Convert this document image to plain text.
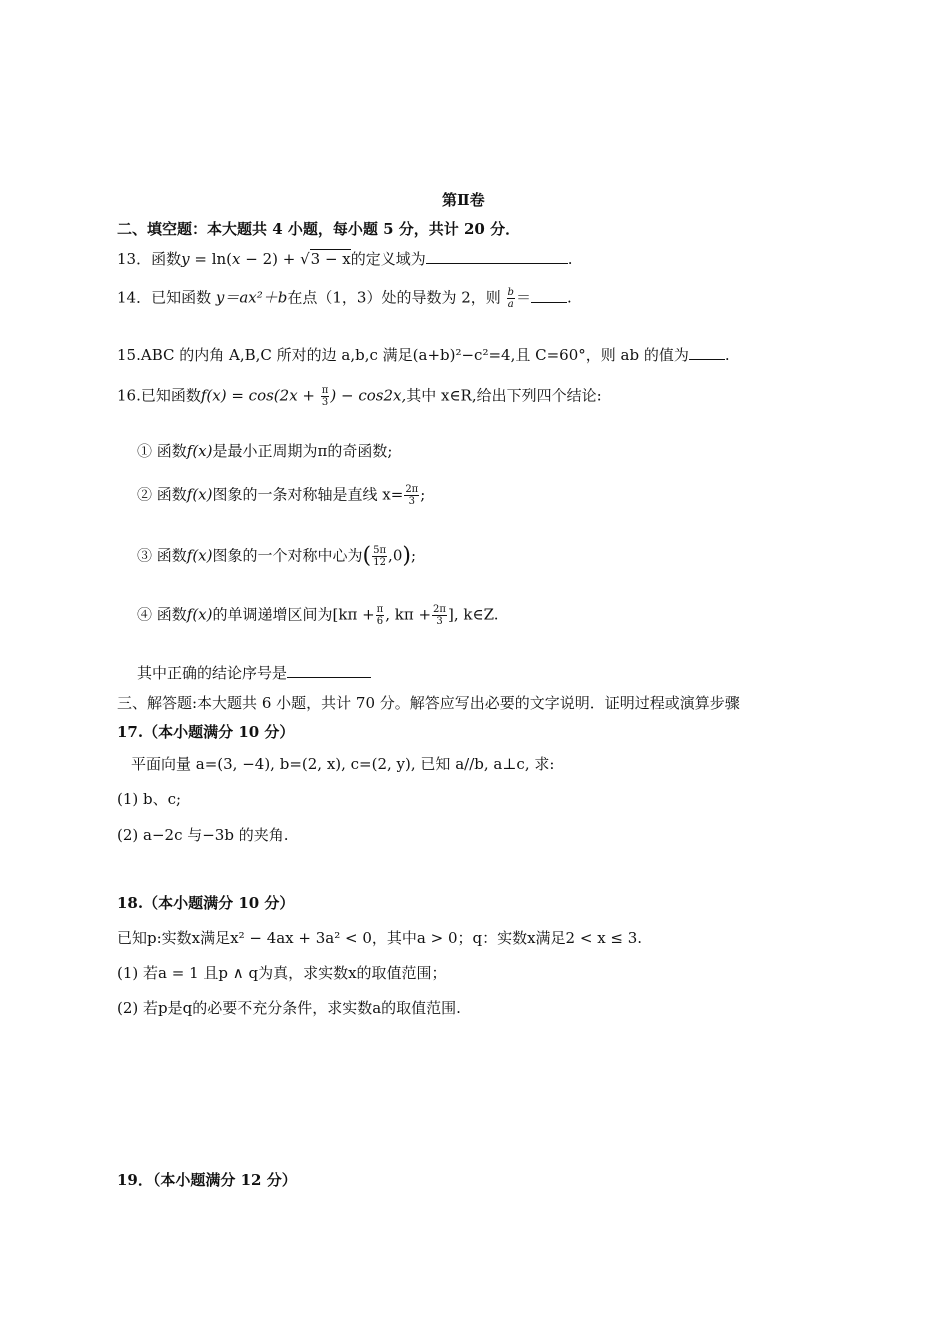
第Ⅱ卷
二、填空题：本大题共 4 小题，每小题 5 分，共计 20 分．
13．函数y = ln(x − 2) + √3 − x的定义域为	.
14．已知函数 y＝ax²＋b在点（1，3）处的导数为 2，则 $\frac{b}{a}$ ＝ .
15.ABC 的内角 A,B,C 所对的边 a,b,c 满足(a+b)²−c²=4,且 C=60°，则 ab 的值为 .
16.已知函数$f(x) = \cos(2x + \frac{\pi}{3}$ ) − cos2x,其中 x∈R,给出下列四个结论:
① 函数f(x)是最小正周期为π的奇函数;
② 函数f(x)图象的一条对称轴是直线 $x= \frac{2\pi}{3}$ ;
③ 函数f(x)图象的一个对称中心为( $\frac{5\pi}{12} ,0$);
④ 函数f(x)的单调递增区间为[$k\pi + \frac{\pi}{6}$ , $k\pi + \frac{2\pi}{3}$ ], k∈Z.
其中正确的结论序号是
三、解答题:本大题共 6 小题，共计 70 分。解答应写出必要的文字说明．证明过程或演算步骤
17.（本小题满分 10 分）
平面向量 a=(3, −4), b=(2, x), c=(2, y), 已知 a//b, a⊥c, 求:
(1) b、c;
(2) a−2c 与−3b 的夹角.
18.（本小题满分 10 分）
已知p:实数x满足x² − 4ax + 3a² < 0，其中a > 0；q：实数x满足2 < x ≤ 3.
(1) 若a = 1 且p ∧ q为真，求实数x的取值范围；
(2) 若p是q的必要不充分条件，求实数a的取值范围.
19．（本小题满分 12 分）
